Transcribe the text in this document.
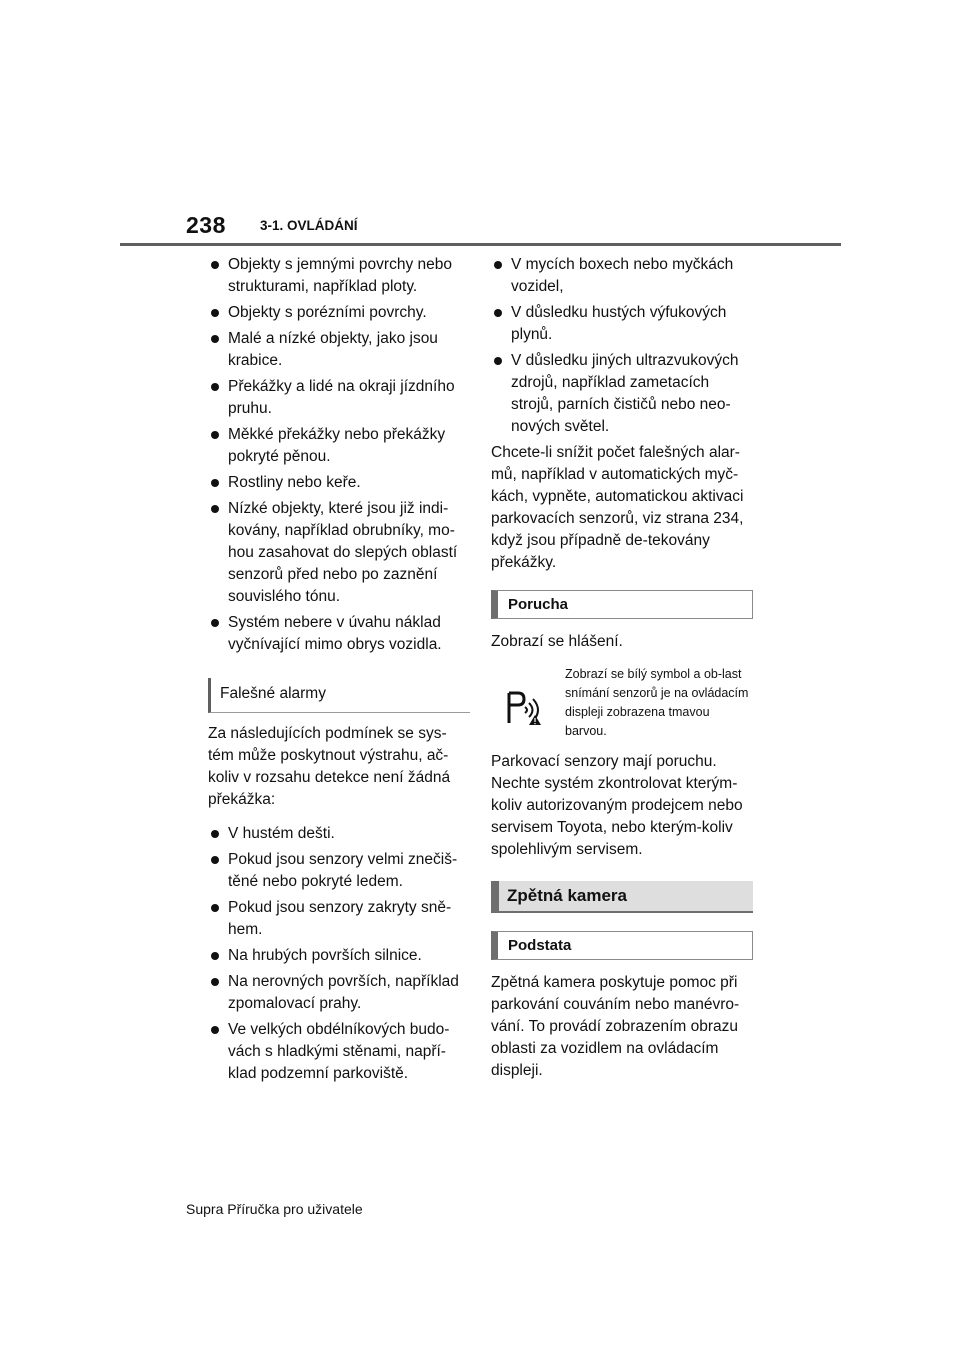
238	3-1. OVLÁDÁNÍ
Objekty s jemnými povrchy nebo strukturami, například ploty.
Objekty s porézními povrchy.
Malé a nízké objekty, jako jsou krabice.
Překážky a lidé na okraji jízdního pruhu.
Měkké překážky nebo překážky pokryté pěnou.
Rostliny nebo keře.
Nízké objekty, které jsou již indi-kovány, například obrubníky, mo-hou zasahovat do slepých oblastí senzorů před nebo po zaznění souvislého tónu.
Systém nebere v úvahu náklad vyčnívající mimo obrys vozidla.
Falešné alarmy

Za následujících podmínek se sys-tém může poskytnout výstrahu, ač-koliv v rozsahu detekce není žádná překážka:

V hustém dešti.
Pokud jsou senzory velmi znečiš-těné nebo pokryté ledem.
Pokud jsou senzory zakryty sně-hem.
Na hrubých površích silnice.
Na nerovných površích, například zpomalovací prahy.
Ve velkých obdélníkových budo-vách s hladkými stěnami, napří-klad podzemní parkoviště.
V mycích boxech nebo myčkách vozidel,
V důsledku hustých výfukových plynů.
V důsledku jiných ultrazvukových zdrojů, například zametacích strojů, parních čističů nebo neo-nových světel.

Chcete-li snížit počet falešných alar-mů, například v automatických myč-kách, vypněte, automatickou aktivaci parkovacích senzorů, viz strana 234, když jsou případně de-tekovány překážky.

Porucha

Zobrazí se hlášení.

Zobrazí se bílý symbol a ob-last snímání senzorů je na ovládacím displeji zobrazena tmavou barvou.

Parkovací senzory mají poruchu. Nechte systém zkontrolovat kterým-koliv autorizovaným prodejcem nebo servisem Toyota, nebo kterým-koliv spolehlivým servisem.

Zpětná kamera
Podstata

Zpětná kamera poskytuje pomoc při parkování couváním nebo manévro-vání. To provádí zobrazením obrazu oblasti za vozidlem na ovládacím displeji.

Supra Příručka pro uživatele
